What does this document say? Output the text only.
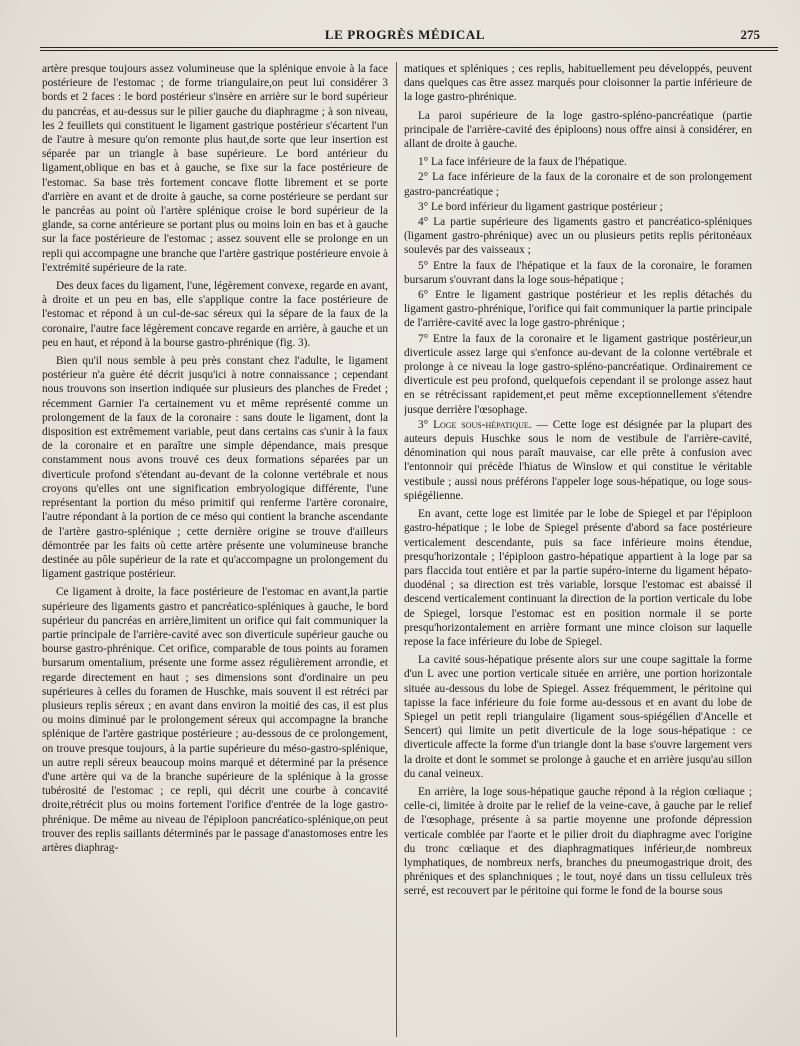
LE PROGRÈS MÉDICAL	275

artère presque toujours assez volumineuse que la splénique envoie à la face postérieure de l'estomac ; de forme triangulaire,on peut lui considérer 3 bords et 2 faces : le bord postérieur s'insère en arrière sur le bord supérieur du pancréas, et au-dessus sur le pilier gauche du diaphragme ; à son niveau, les 2 feuillets qui constituent le ligament gastrique postérieur s'écartent l'un de l'autre à mesure qu'on remonte plus haut,de sorte que leur insertion est séparée par un triangle à base supérieure. Le bord antérieur du ligament,oblique en bas et à gauche, se fixe sur la face postérieure de l'estomac. Sa base très fortement concave flotte librement et se porte d'arrière en avant et de droite à gauche, sa corne postérieure se perdant sur le pancréas au point où l'artère splénique croise le bord supérieur de la glande, sa corne antérieure se portant plus ou moins loin en bas et à gauche sur la face postérieure de l'estomac ; assez souvent elle se prolonge en un repli qui accompagne une branche que l'artère gastrique postérieure envoie à l'extrémité supérieure de la rate.

Des deux faces du ligament, l'une, légèrement convexe, regarde en avant, à droite et un peu en bas, elle s'applique contre la face postérieure de l'estomac et répond à un cul-de-sac séreux qui la sépare de la faux de la coronaire, l'autre face légèrement concave regarde en arrière, à gauche et un peu en haut, et répond à la bourse gastro-phrénique (fig. 3).

Bien qu'il nous semble à peu près constant chez l'adulte, le ligament postérieur n'a guère été décrit jusqu'ici à notre connaissance ; cependant nous trouvons son insertion indiquée sur plusieurs des planches de Fredet ; récemment Garnier l'a certainement vu et même représenté comme un prolongement de la faux de la coronaire : sans doute le ligament, dont la disposition est extrêmement variable, peut dans certains cas s'unir à la faux de la coronaire et en paraître une simple dépendance, mais presque constamment nous avons trouvé ces deux formations séparées par un diverticule profond s'étendant au-devant de la colonne vertébrale et nous croyons qu'elles ont une signification embryologique différente, l'une représentant la portion du méso primitif qui renferme l'artère coronaire, l'autre répondant à la portion de ce méso qui contient la branche ascendante de l'artère gastro-splénique ; cette dernière origine se trouve d'ailleurs démontrée par les faits où cette artère présente une volumineuse branche destinée au pôle supérieur de la rate et qu'accompagne un prolongement du ligament gastrique postérieur.

Ce ligament à droite, la face postérieure de l'estomac en avant,la partie supérieure des ligaments gastro et pancréatico-spléniques à gauche, le bord supérieur du pancréas en arrière,limitent un orifice qui fait communiquer la partie principale de l'arrière-cavité avec son diverticule supérieur gauche ou bourse gastro-phrénique. Cet orifice, comparable de tous points au foramen bursarum omentalium, présente une forme assez régulièrement arrondie, et regarde directement en haut ; ses dimensions sont d'ordinaire un peu supérieures à celles du foramen de Huschke, mais souvent il est rétréci par plusieurs replis séreux ; en avant dans environ la moitié des cas, il est plus ou moins diminué par le prolongement séreux qui accompagne la branche splénique de l'artère gastrique postérieure ; au-dessous de ce prolongement, on trouve presque toujours, à la partie supérieure du méso-gastro-splénique, un autre repli séreux beaucoup moins marqué et déterminé par la présence d'une artère qui va de la branche supérieure de la splénique à la grosse tubérosité de l'estomac ; ce repli, qui décrit une courbe à concavité droite,rétrécit plus ou moins fortement l'orifice d'entrée de la loge gastro-phrénique. De même au niveau de l'épiploon pancréatico-splénique,on peut trouver des replis saillants déterminés par le passage d'anastomoses entre les artères diaphrag-

matiques et spléniques ; ces replis, habituellement peu développés, peuvent dans quelques cas être assez marqués pour cloisonner la partie inférieure de la loge gastro-phrénique.

La paroi supérieure de la loge gastro-spléno-pancréatique (partie principale de l'arrière-cavité des épiploons) nous offre ainsi à considérer, en allant de droite à gauche.

1° La face inférieure de la faux de l'hépatique.

2° La face inférieure de la faux de la coronaire et de son prolongement gastro-pancréatique ;

3° Le bord inférieur du ligament gastrique postérieur ;

4° La partie supérieure des ligaments gastro et pancréatico-spléniques (ligament gastro-phrénique) avec un ou plusieurs petits replis péritonéaux soulevés par des vaisseaux ;

5° Entre la faux de l'hépatique et la faux de la coronaire, le foramen bursarum s'ouvrant dans la loge sous-hépatique ;

6° Entre le ligament gastrique postérieur et les replis détachés du ligament gastro-phrénique, l'orifice qui fait communiquer la partie principale de l'arrière-cavité avec la loge gastro-phrénique ;

7° Entre la faux de la coronaire et le ligament gastrique postérieur,un diverticule assez large qui s'enfonce au-devant de la colonne vertébrale et prolonge à ce niveau la loge gastro-spléno-pancréatique. Ordinairement ce diverticule est peu profond, quelquefois cependant il se prolonge assez haut en se rétrécissant rapidement,et peut même exceptionnellement s'étendre jusque derrière l'œsophage.

3° Loge sous-hépatique. — Cette loge est désignée par la plupart des auteurs depuis Huschke sous le nom de vestibule de l'arrière-cavité, dénomination qui nous paraît mauvaise, car elle prête à confusion avec l'entonnoir qui précède l'hiatus de Winslow et qui constitue le véritable vestibule ; aussi nous préférons l'appeler loge sous-hépatique, ou loge sous-spiégélienne.

En avant, cette loge est limitée par le lobe de Spiegel et par l'épiploon gastro-hépatique ; le lobe de Spiegel présente d'abord sa face postérieure verticalement descendante, puis sa face inférieure moins étendue, presqu'horizontale ; l'épiploon gastro-hépatique appartient à la loge par sa pars flaccida tout entière et par la partie supéro-interne du ligament hépato-duodénal ; sa direction est très variable, lorsque l'estomac est abaissé il descend verticalement continuant la direction de la portion verticale du lobe de Spiegel, lorsque l'estomac est en position normale il se porte presqu'horizontalement en arrière formant une mince cloison sur laquelle repose la face inférieure du lobe de Spiegel.

La cavité sous-hépatique présente alors sur une coupe sagittale la forme d'un L avec une portion verticale située en arrière, une portion horizontale située au-dessous du lobe de Spiegel. Assez fréquemment, le péritoine qui tapisse la face inférieure du foie forme au-dessous et en avant du lobe de Spiegel un petit repli triangulaire (ligament sous-spiégélien d'Ancelle et Sencert) qui limite un petit diverticule de la loge sous-hépatique : ce diverticule affecte la forme d'un triangle dont la base s'ouvre largement vers la droite et dont le sommet se prolonge à gauche et en arrière jusqu'au sillon du canal veineux.

En arrière, la loge sous-hépatique gauche répond à la région cœliaque ; celle-ci, limitée à droite par le relief de la veine-cave, à gauche par le relief de l'œsophage, présente à sa partie moyenne une profonde dépression verticale comblée par l'aorte et le pilier droit du diaphragme avec l'origine du tronc cœliaque et des diaphragmatiques inférieur,de nombreux lymphatiques, de nombreux nerfs, branches du pneumogastrique droit, des phréniques et des splanchniques ; le tout, noyé dans un tissu celluleux très serré, est recouvert par le péritoine qui forme le fond de la bourse sous
